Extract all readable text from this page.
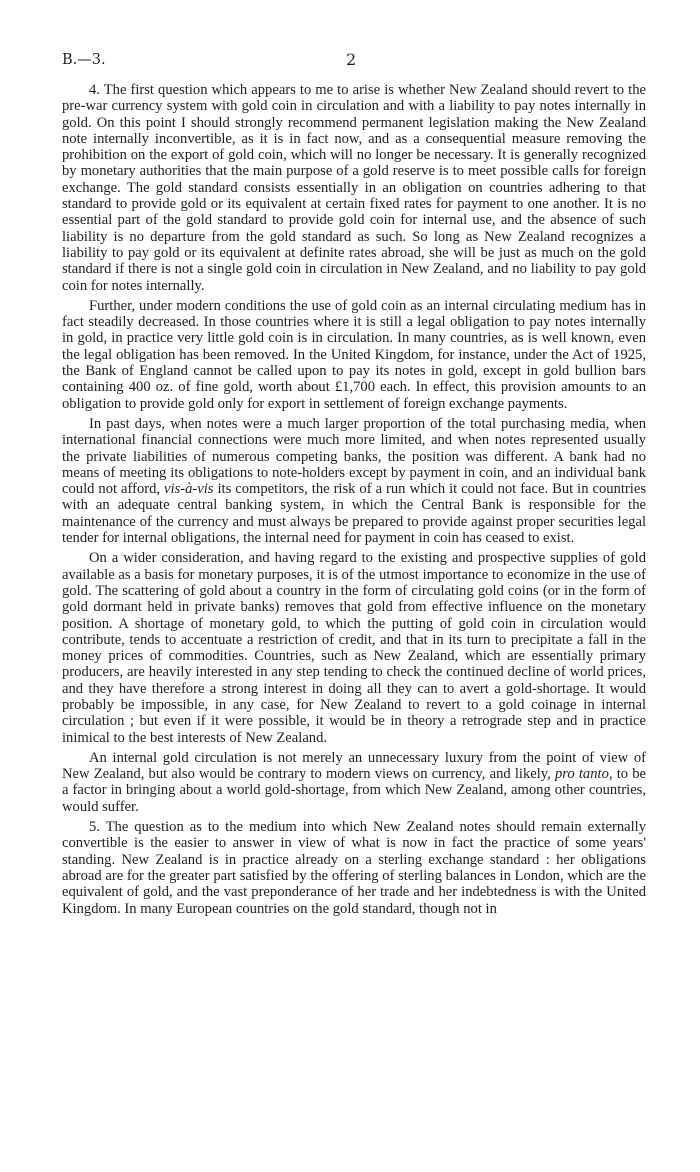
B.—3.	2

4. The first question which appears to me to arise is whether New Zealand should revert to the pre-war currency system with gold coin in circulation and with a liability to pay notes internally in gold. On this point I should strongly recommend permanent legislation making the New Zealand note internally inconvertible, as it is in fact now, and as a consequential measure removing the prohibition on the export of gold coin, which will no longer be necessary. It is generally recognized by monetary authorities that the main purpose of a gold reserve is to meet possible calls for foreign exchange. The gold standard consists essentially in an obligation on countries adhering to that standard to provide gold or its equivalent at certain fixed rates for payment to one another. It is no essential part of the gold standard to provide gold coin for internal use, and the absence of such liability is no departure from the gold standard as such. So long as New Zealand recognizes a liability to pay gold or its equivalent at definite rates abroad, she will be just as much on the gold standard if there is not a single gold coin in circulation in New Zealand, and no liability to pay gold coin for notes internally.

Further, under modern conditions the use of gold coin as an internal circulating medium has in fact steadily decreased. In those countries where it is still a legal obligation to pay notes internally in gold, in practice very little gold coin is in circulation. In many countries, as is well known, even the legal obligation has been removed. In the United Kingdom, for instance, under the Act of 1925, the Bank of England cannot be called upon to pay its notes in gold, except in gold bullion bars containing 400 oz. of fine gold, worth about £1,700 each. In effect, this provision amounts to an obligation to provide gold only for export in settlement of foreign exchange payments.

In past days, when notes were a much larger proportion of the total purchasing media, when international financial connections were much more limited, and when notes represented usually the private liabilities of numerous competing banks, the position was different. A bank had no means of meeting its obligations to note-holders except by payment in coin, and an individual bank could not afford, vis-à-vis its competitors, the risk of a run which it could not face. But in countries with an adequate central banking system, in which the Central Bank is responsible for the maintenance of the currency and must always be prepared to provide against proper securities legal tender for internal obligations, the internal need for payment in coin has ceased to exist.

On a wider consideration, and having regard to the existing and prospective supplies of gold available as a basis for monetary purposes, it is of the utmost importance to economize in the use of gold. The scattering of gold about a country in the form of circulating gold coins (or in the form of gold dormant held in private banks) removes that gold from effective influence on the monetary position. A shortage of monetary gold, to which the putting of gold coin in circulation would contribute, tends to accentuate a restriction of credit, and that in its turn to precipitate a fall in the money prices of commodities. Countries, such as New Zealand, which are essentially primary producers, are heavily interested in any step tending to check the continued decline of world prices, and they have therefore a strong interest in doing all they can to avert a gold-shortage. It would probably be impossible, in any case, for New Zealand to revert to a gold coinage in internal circulation ; but even if it were possible, it would be in theory a retrograde step and in practice inimical to the best interests of New Zealand.

An internal gold circulation is not merely an unnecessary luxury from the point of view of New Zealand, but also would be contrary to modern views on currency, and likely, pro tanto, to be a factor in bringing about a world gold-shortage, from which New Zealand, among other countries, would suffer.

5. The question as to the medium into which New Zealand notes should remain externally convertible is the easier to answer in view of what is now in fact the practice of some years' standing. New Zealand is in practice already on a sterling exchange standard : her obligations abroad are for the greater part satisfied by the offering of sterling balances in London, which are the equivalent of gold, and the vast preponderance of her trade and her indebtedness is with the United Kingdom. In many European countries on the gold standard, though not in
